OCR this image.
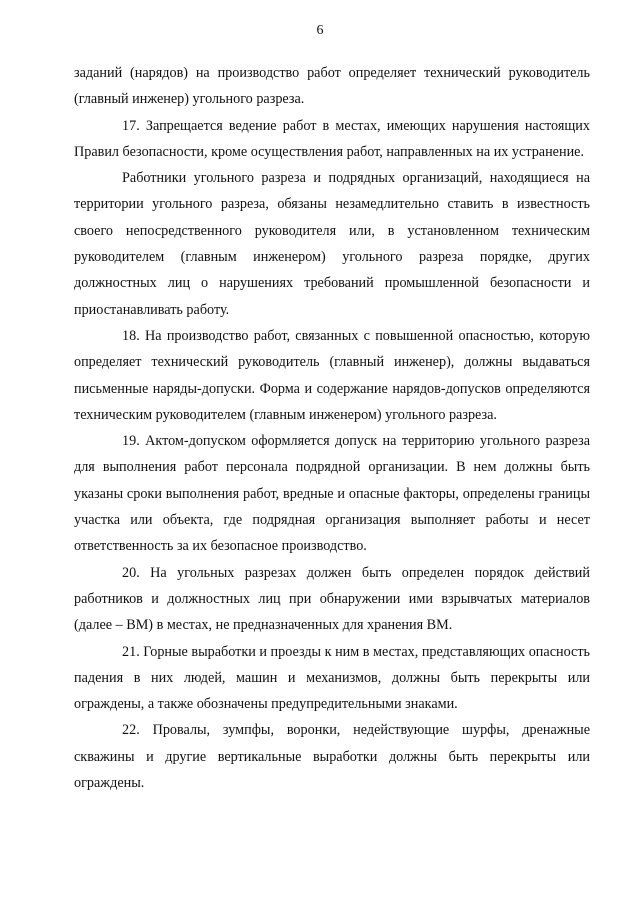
6

заданий (нарядов) на производство работ определяет технический руководитель (главный инженер) угольного разреза.

17. Запрещается ведение работ в местах, имеющих нарушения настоящих Правил безопасности, кроме осуществления работ, направленных на их устранение.

Работники угольного разреза и подрядных организаций, находящиеся на территории угольного разреза, обязаны незамедлительно ставить в известность своего непосредственного руководителя или, в установленном техническим руководителем (главным инженером) угольного разреза порядке, других должностных лиц о нарушениях требований промышленной безопасности и приостанавливать работу.

18. На производство работ, связанных с повышенной опасностью, которую определяет технический руководитель (главный инженер), должны выдаваться письменные наряды-допуски. Форма и содержание нарядов-допусков определяются техническим руководителем (главным инженером) угольного разреза.

19. Актом-допуском оформляется допуск на территорию угольного разреза для выполнения работ персонала подрядной организации. В нем должны быть указаны сроки выполнения работ, вредные и опасные факторы, определены границы участка или объекта, где подрядная организация выполняет работы и несет ответственность за их безопасное производство.

20. На угольных разрезах должен быть определен порядок действий работников и должностных лиц при обнаружении ими взрывчатых материалов (далее – ВМ) в местах, не предназначенных для хранения ВМ.

21. Горные выработки и проезды к ним в местах, представляющих опасность падения в них людей, машин и механизмов, должны быть перекрыты или ограждены, а также обозначены предупредительными знаками.

22. Провалы, зумпфы, воронки, недействующие шурфы, дренажные скважины и другие вертикальные выработки должны быть перекрыты или ограждены.
